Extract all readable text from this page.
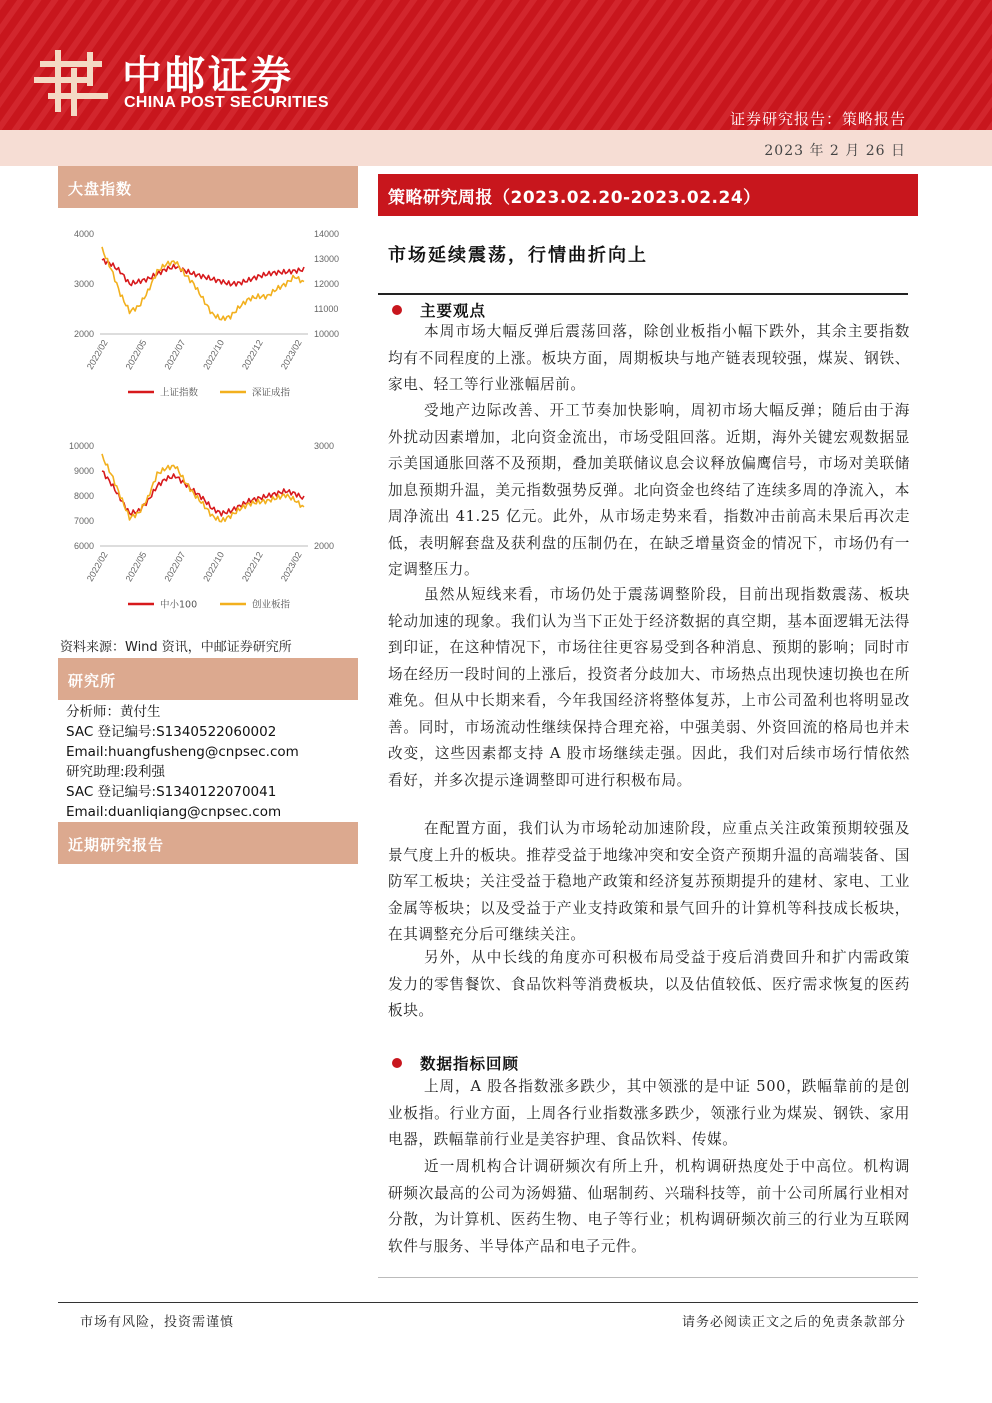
中邮证券
CHINA POST SECURITIES
证券研究报告：策略报告
2023 年 2 月 26 日
大盘指数
4000
3000
2000
14000
13000
12000
11000
10000
2022/02 2022/05 2022/07 2022/10 2022/12 2023/02
上证指数	深证成指
10000
9000
8000
7000
6000
3000
2000
2022/02 2022/05 2022/07 2022/10 2022/12 2023/02
中小100	创业板指
资料来源：Wind 资讯，中邮证券研究所
研究所
分析师：黄付生
SAC 登记编号:S1340522060002
Email:huangfusheng@cnpsec.com
研究助理:段利强
SAC 登记编号:S1340122070041
Email:duanliqiang@cnpsec.com
近期研究报告
策略研究周报（2023.02.20-2023.02.24）
市场延续震荡，行情曲折向上
主要观点
本周市场大幅反弹后震荡回落，除创业板指小幅下跌外，其余主要指数均有不同程度的上涨。板块方面，周期板块与地产链表现较强，煤炭、钢铁、家电、轻工等行业涨幅居前。
受地产边际改善、开工节奏加快影响，周初市场大幅反弹；随后由于海外扰动因素增加，北向资金流出，市场受阻回落。近期，海外关键宏观数据显示美国通胀回落不及预期，叠加美联储议息会议释放偏鹰信号，市场对美联储加息预期升温，美元指数强势反弹。北向资金也终结了连续多周的净流入，本周净流出 41.25 亿元。此外，从市场走势来看，指数冲击前高未果后再次走低，表明解套盘及获利盘的压制仍在，在缺乏增量资金的情况下，市场仍有一定调整压力。
虽然从短线来看，市场仍处于震荡调整阶段，目前出现指数震荡、板块轮动加速的现象。我们认为当下正处于经济数据的真空期，基本面逻辑无法得到印证，在这种情况下，市场往往更容易受到各种消息、预期的影响；同时市场在经历一段时间的上涨后，投资者分歧加大、市场热点出现快速切换也在所难免。但从中长期来看，今年我国经济将整体复苏，上市公司盈利也将明显改善。同时，市场流动性继续保持合理充裕，中强美弱、外资回流的格局也并未改变，这些因素都支持 A 股市场继续走强。因此，我们对后续市场行情依然看好，并多次提示逢调整即可进行积极布局。
在配置方面，我们认为市场轮动加速阶段，应重点关注政策预期较强及景气度上升的板块。推荐受益于地缘冲突和安全资产预期升温的高端装备、国防军工板块；关注受益于稳地产政策和经济复苏预期提升的建材、家电、工业金属等板块；以及受益于产业支持政策和景气回升的计算机等科技成长板块，在其调整充分后可继续关注。
另外，从中长线的角度亦可积极布局受益于疫后消费回升和扩内需政策发力的零售餐饮、食品饮料等消费板块，以及估值较低、医疗需求恢复的医药板块。
数据指标回顾
上周，A 股各指数涨多跌少，其中领涨的是中证 500，跌幅靠前的是创业板指。行业方面，上周各行业指数涨多跌少，领涨行业为煤炭、钢铁、家用电器，跌幅靠前行业是美容护理、食品饮料、传媒。
近一周机构合计调研频次有所上升，机构调研热度处于中高位。机构调研频次最高的公司为汤姆猫、仙琚制药、兴瑞科技等，前十公司所属行业相对分散，为计算机、医药生物、电子等行业；机构调研频次前三的行业为互联网软件与服务、半导体产品和电子元件。
市场有风险，投资需谨慎	请务必阅读正文之后的免责条款部分
